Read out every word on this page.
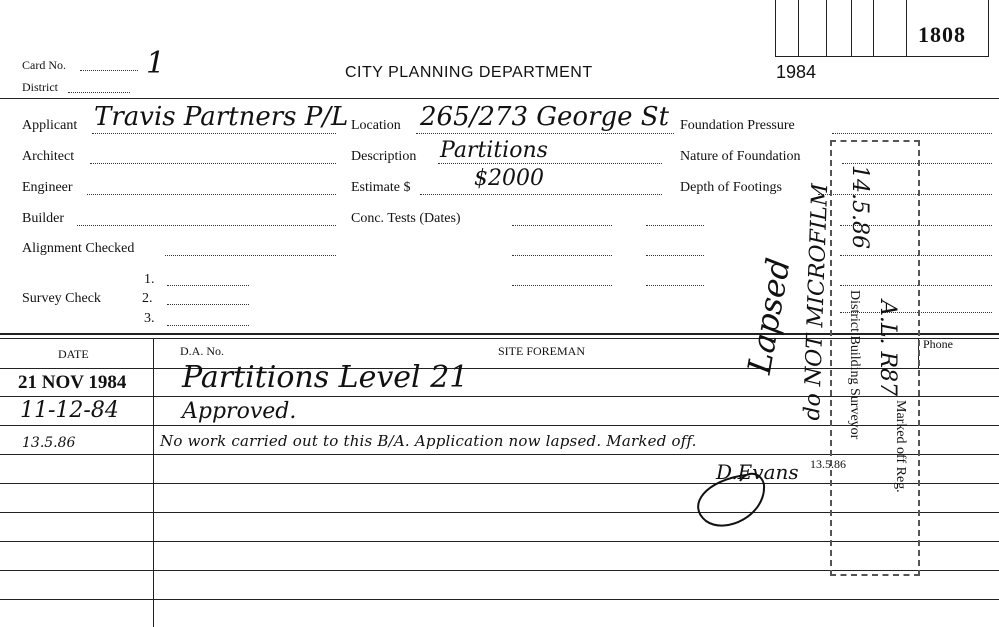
1808
Card No.	1
District
CITY PLANNING DEPARTMENT	1984
Applicant Travis Partners P/L
Architect
Engineer
Builder
Alignment Checked
1.
Survey Check	2.
3.
Location 265/273 George St
Description Partitions
Estimate $	$2000
Conc. Tests (Dates)
Foundation Pressure
Nature of Foundation
Depth of Footings
DATE	D.A. No.	SITE FOREMAN	Phone
21 NOV 1984 Partitions Level 21
11-12-84	Approved.
13.5.86	No work carried out to this B/A. Application now lapsed. Marked off.
14.5.86
A.L. R87
District Building Surveyor
Marked off Reg.
Lapsed do NOT MICROFILM
D.Evans 13.5.86
